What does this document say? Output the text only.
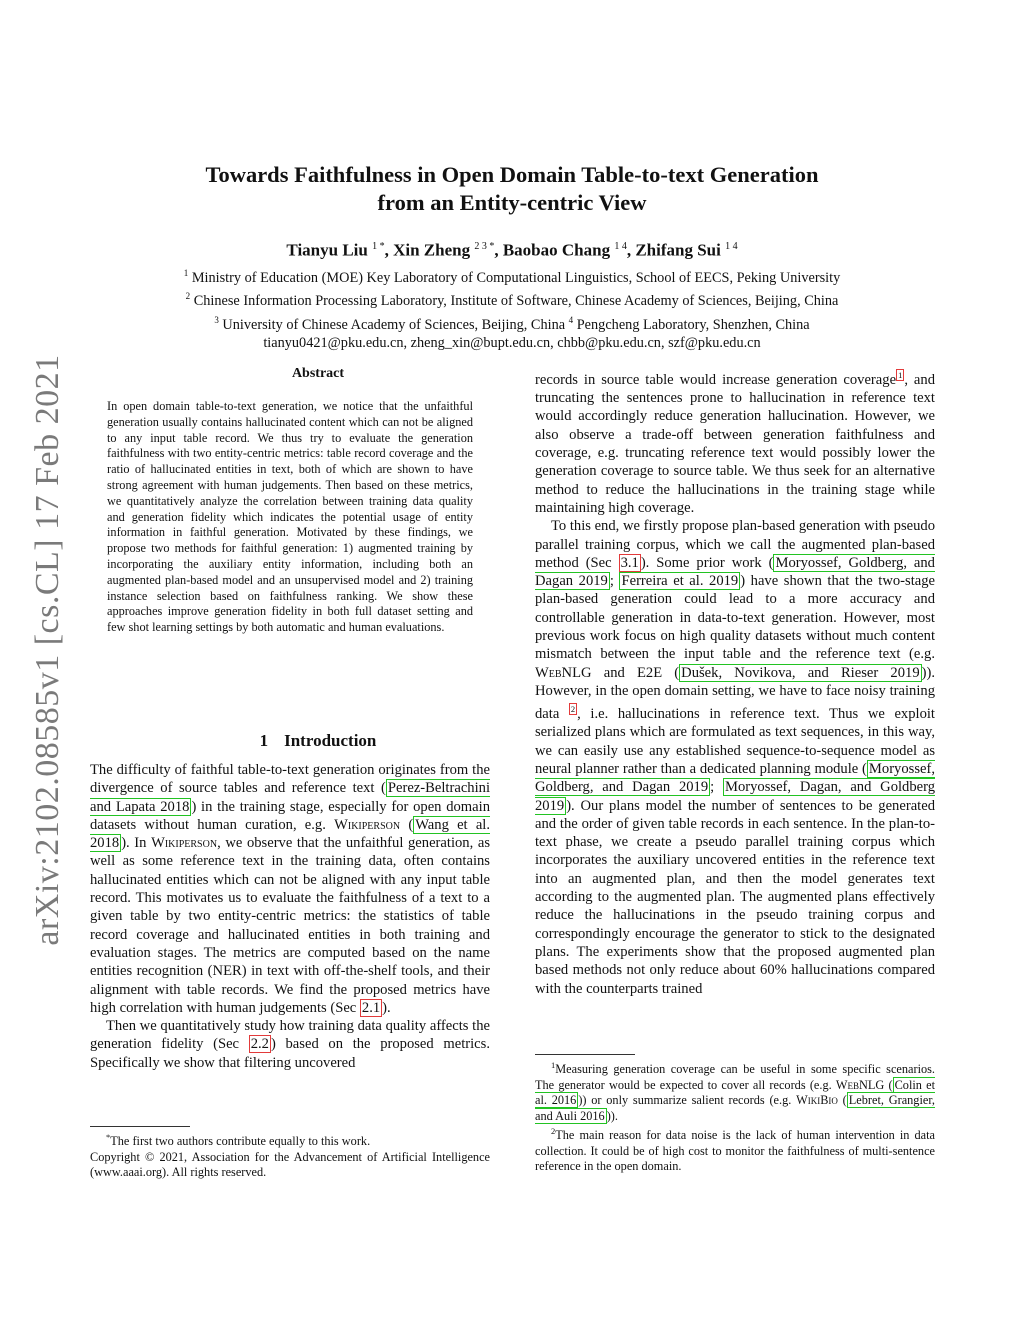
arXiv:2102.08585v1 [cs.CL] 17 Feb 2021
Towards Faithfulness in Open Domain Table-to-text Generation
from an Entity-centric View
Tianyu Liu $^{1 *}$, Xin Zheng $^{2 3 *}$, Baobao Chang $^{1 4}$, Zhifang Sui $^{1 4}$
$^1$ Ministry of Education (MOE) Key Laboratory of Computational Linguistics, School of EECS, Peking University
$^2$ Chinese Information Processing Laboratory, Institute of Software, Chinese Academy of Sciences, Beijing, China
$^3$ University of Chinese Academy of Sciences, Beijing, China $^4$ Pengcheng Laboratory, Shenzhen, China
tianyu0421@pku.edu.cn, zheng_xin@bupt.edu.cn, chbb@pku.edu.cn, szf@pku.edu.cn
Abstract
In open domain table-to-text generation, we notice that the unfaithful generation usually contains hallucinated content which can not be aligned to any input table record. We thus try to evaluate the generation faithfulness with two entity-centric metrics: table record coverage and the ratio of hallucinated entities in text, both of which are shown to have strong agreement with human judgements. Then based on these metrics, we quantitatively analyze the correlation between training data quality and generation fidelity which indicates the potential usage of entity information in faithful generation. Motivated by these findings, we propose two methods for faithful generation: 1) augmented training by incorporating the auxiliary entity information, including both an augmented plan-based model and an unsupervised model and 2) training instance selection based on faithfulness ranking. We show these approaches improve generation fidelity in both full dataset setting and few shot learning settings by both automatic and human evaluations.
1 Introduction

The difficulty of faithful table-to-text generation originates from the divergence of source tables and reference text ( Perez-Beltrachini and Lapata 2018 ) in the training stage, especially for open domain datasets without human curation, e.g. Wikiperson ( Wang et al. 2018 ). In Wikiperson, we observe that the unfaithful generation, as well as some reference text in the training data, often contains hallucinated entities which can not be aligned with any input table record. This motivates us to evaluate the faithfulness of a text to a given table by two entity-centric metrics: the statistics of table record coverage and hallucinated entities in both training and evaluation stages. The metrics are computed based on the name entities recognition (NER) in text with off-the-shelf tools, and their alignment with table records. We find the proposed metrics have high correlation with human judgements (Sec 2.1 ).

Then we quantitatively study how training data quality affects the generation fidelity (Sec 2.2 ) based on the proposed metrics. Specifically we show that filtering uncovered

records in source table would increase generation coverage $^1$ , and truncating the sentences prone to hallucination in reference text would accordingly reduce generation hallucination. However, we also observe a trade-off between generation faithfulness and coverage, e.g. truncating reference text would possibly lower the generation coverage to source table. We thus seek for an alternative method to reduce the hallucinations in the training stage while maintaining high coverage.

To this end, we firstly propose plan-based generation with pseudo parallel training corpus, which we call the augmented plan-based method (Sec 3.1 ). Some prior work ( Moryossef, Goldberg, and Dagan 2019 ; Ferreira et al. 2019 ) have shown that the two-stage plan-based generation could lead to a more accuracy and controllable generation in data-to-text generation. However, most previous work focus on high quality datasets without much content mismatch between the input table and the reference text (e.g. WebNLG and E2E ( Dušek, Novikova, and Rieser 2019 )). However, in the open domain setting, we have to face noisy training data $^2$ , i.e. hallucinations in reference text. Thus we exploit serialized plans which are formulated as text sequences, in this way, we can easily use any established sequence-to-sequence model as neural planner rather than a dedicated planning module ( Moryossef, Goldberg, and Dagan 2019 ; Moryossef, Dagan, and Goldberg 2019 ). Our plans model the number of sentences to be generated and the order of given table records in each sentence. In the plan-to-text phase, we create a pseudo parallel training corpus which incorporates the auxiliary uncovered entities in the reference text into an augmented plan, and then the model generates text according to the augmented plan. The augmented plans effectively reduce the hallucinations in the pseudo training corpus and correspondingly encourage the generator to stick to the designated plans. The experiments show that the proposed augmented plan based methods not only reduce about 60% hallucinations compared with the counterparts trained

*The first two authors contribute equally to this work.

Copyright © 2021, Association for the Advancement of Artificial Intelligence (www.aaai.org). All rights reserved.

$^1$Measuring generation coverage can be useful in some specific scenarios. The generator would be expected to cover all records (e.g. WebNLG ( Colin et al. 2016 )) or only summarize salient records (e.g. WikiBio ( Lebret, Grangier, and Auli 2016 )).

$^2$The main reason for data noise is the lack of human intervention in data collection. It could be of high cost to monitor the faithfulness of multi-sentence reference in the open domain.
